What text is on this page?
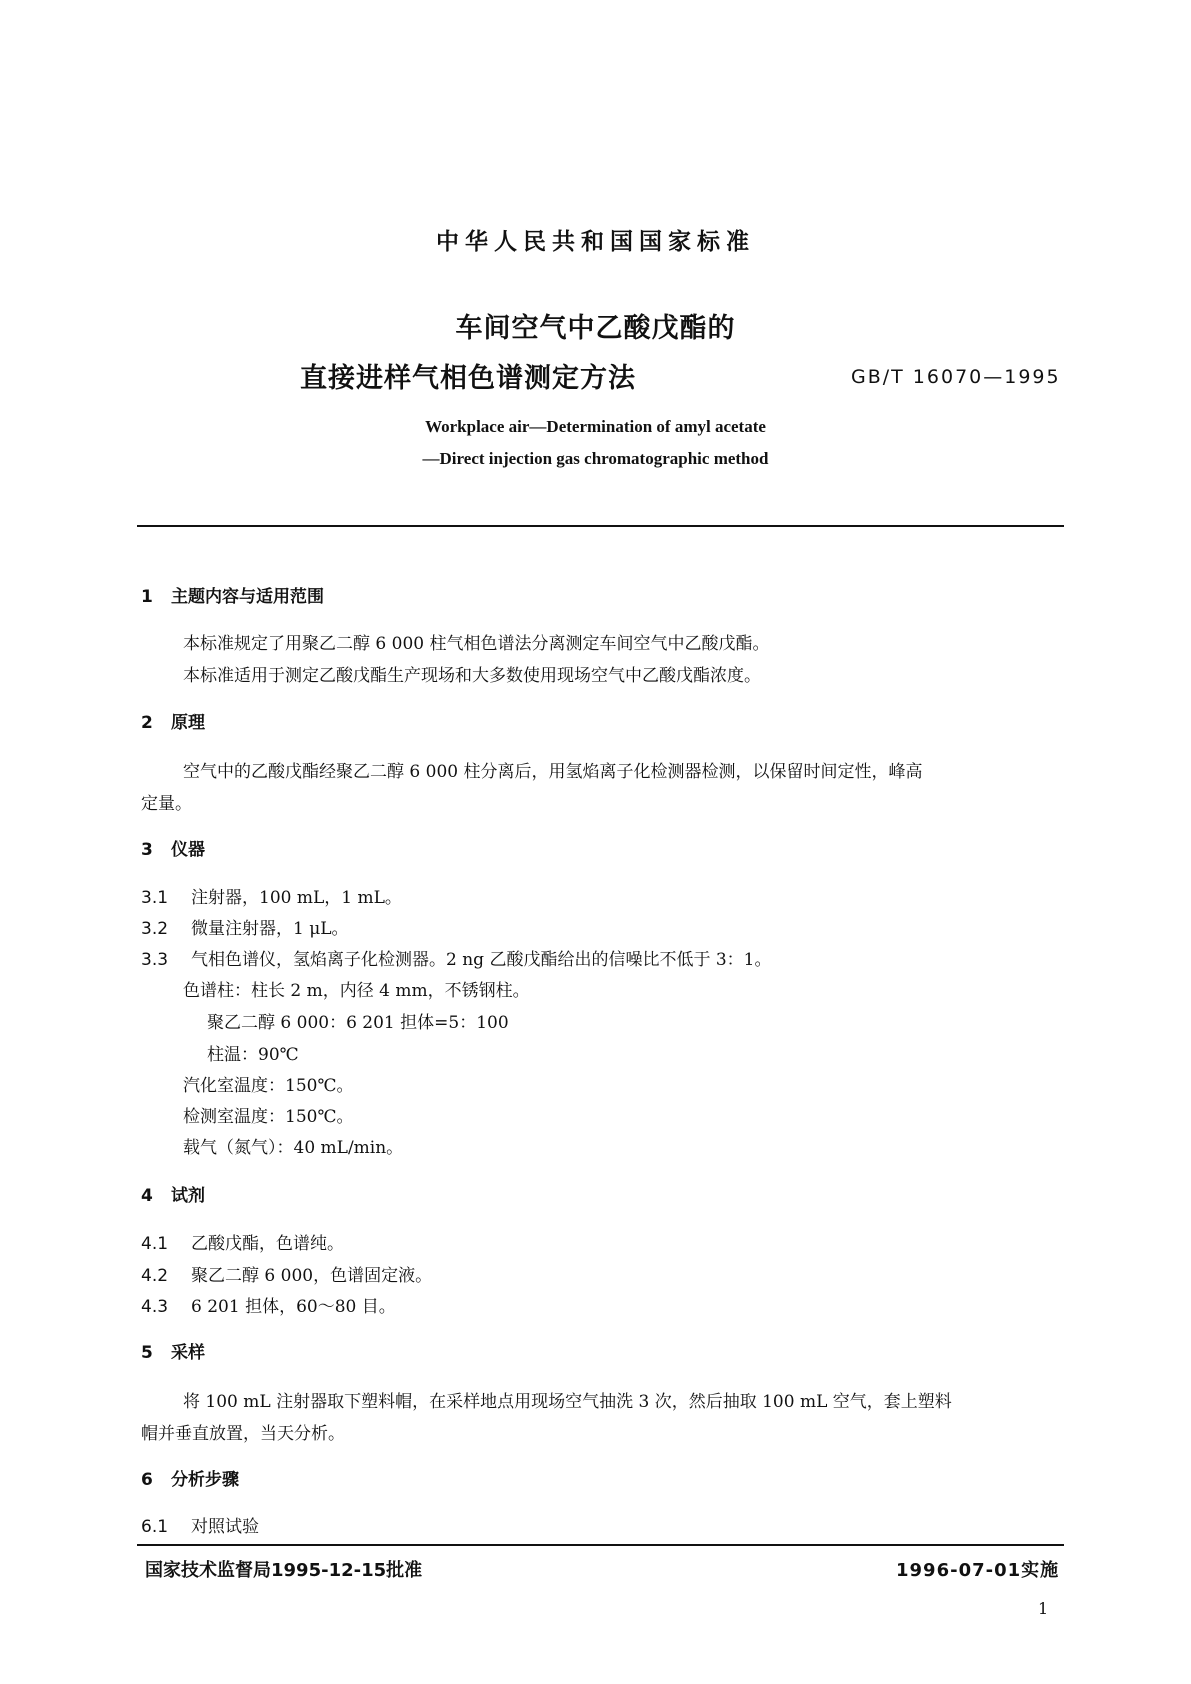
中华人民共和国国家标准
车间空气中乙酸戊酯的
直接进样气相色谱测定方法	GB/T 16070—1995
Workplace air—Determination of amyl acetate
—Direct injection gas chromatographic method
1 主题内容与适用范围
本标准规定了用聚乙二醇 6 000 柱气相色谱法分离测定车间空气中乙酸戊酯。
本标准适用于测定乙酸戊酯生产现场和大多数使用现场空气中乙酸戊酯浓度。
2 原理
空气中的乙酸戊酯经聚乙二醇 6 000 柱分离后，用氢焰离子化检测器检测，以保留时间定性，峰高
定量。
3 仪器
3.1 注射器，100 mL，1 mL。
3.2 微量注射器，1 μL。
3.3 气相色谱仪，氢焰离子化检测器。2 ng 乙酸戊酯给出的信噪比不低于 3：1。
色谱柱：柱长 2 m，内径 4 mm，不锈钢柱。
聚乙二醇 6 000：6 201 担体=5：100
柱温：90℃
汽化室温度：150℃。
检测室温度：150℃。
载气（氮气）：40 mL/min。
4 试剂
4.1 乙酸戊酯，色谱纯。
4.2 聚乙二醇 6 000，色谱固定液。
4.3 6 201 担体，60～80 目。
5 采样
将 100 mL 注射器取下塑料帽，在采样地点用现场空气抽洗 3 次，然后抽取 100 mL 空气，套上塑料
帽并垂直放置，当天分析。
6 分析步骤
6.1 对照试验
国家技术监督局1995-12-15批准	1996-07-01实施
1
